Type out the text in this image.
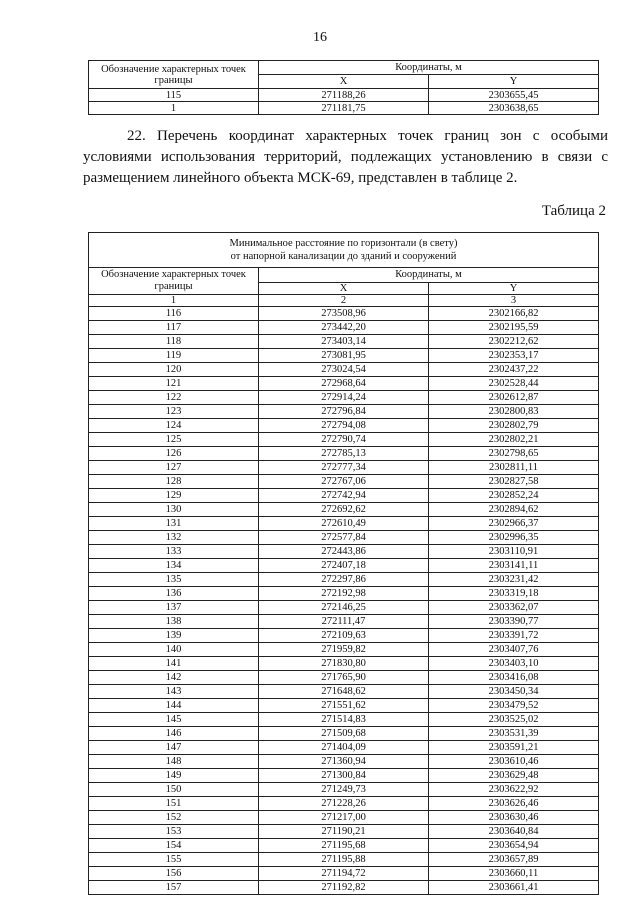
16
Обозначение характерных точек границы	Координаты, м	
	X	Y
115	271188,26	2303655,45
1	271181,75	2303638,65
22. Перечень координат характерных точек границ зон с особыми условиями использования территорий, подлежащих установлению в связи с размещением линейного объекта МСК-69, представлен в таблице 2.
Таблица 2
Минимальное расстояние по горизонтали (в свету)
от напорной канализации до зданий и сооружений		

Обозначение характерных точек границы	Координаты, м	
	X	Y
1	2	3
116	273508,96	2302166,82
117	273442,20	2302195,59
118	273403,14	2302212,62
119	273081,95	2302353,17
120	273024,54	2302437,22
121	272968,64	2302528,44
122	272914,24	2302612,87
123	272796,84	2302800,83
124	272794,08	2302802,79
125	272790,74	2302802,21
126	272785,13	2302798,65
127	272777,34	2302811,11
128	272767,06	2302827,58
129	272742,94	2302852,24
130	272692,62	2302894,62
131	272610,49	2302966,37
132	272577,84	2302996,35
133	272443,86	2303110,91
134	272407,18	2303141,11
135	272297,86	2303231,42
136	272192,98	2303319,18
137	272146,25	2303362,07
138	272111,47	2303390,77
139	272109,63	2303391,72
140	271959,82	2303407,76
141	271830,80	2303403,10
142	271765,90	2303416,08
143	271648,62	2303450,34
144	271551,62	2303479,52
145	271514,83	2303525,02
146	271509,68	2303531,39
147	271404,09	2303591,21
148	271360,94	2303610,46
149	271300,84	2303629,48
150	271249,73	2303622,92
151	271228,26	2303626,46
152	271217,00	2303630,46
153	271190,21	2303640,84
154	271195,68	2303654,94
155	271195,88	2303657,89
156	271194,72	2303660,11
157	271192,82	2303661,41
